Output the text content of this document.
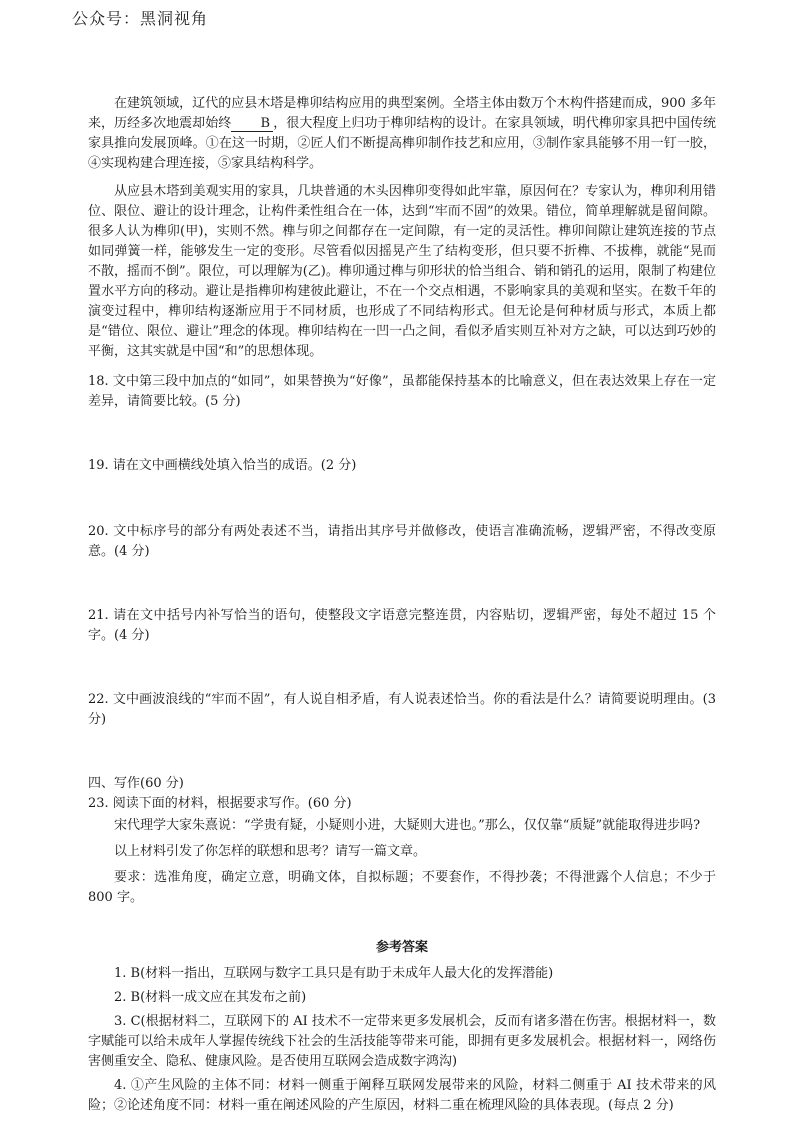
公众号：黑洞视角

在建筑领域，辽代的应县木塔是榫卯结构应用的典型案例。全塔主体由数万个木构件搭建而成，900 多年来，历经多次地震却始终 B ，很大程度上归功于榫卯结构的设计。在家具领域，明代榫卯家具把中国传统家具推向发展顶峰。①在这一时期，②匠人们不断提高榫卯制作技艺和应用，③制作家具能够不用一钉一胶，④实现构建合理连接，⑤家具结构科学。

从应县木塔到美观实用的家具，几块普通的木头因榫卯变得如此牢靠，原因何在？专家认为，榫卯利用错位、限位、避让的设计理念，让构件柔性组合在一体，达到“牢而不固”的效果。错位，简单理解就是留间隙。很多人认为榫卯(甲)，实则不然。榫与卯之间都存在一定间隙，有一定的灵活性。榫卯间隙让建筑连接的节点如同弹簧一样，能够发生一定的变形。尽管看似因摇晃产生了结构变形，但只要不折榫、不拔榫，就能“晃而不散，摇而不倒”。限位，可以理解为(乙)。榫卯通过榫与卯形状的恰当组合、销和销孔的运用，限制了构建位置水平方向的移动。避让是指榫卯构建彼此避让，不在一个交点相遇，不影响家具的美观和坚实。在数千年的演变过程中，榫卯结构逐渐应用于不同材质，也形成了不同结构形式。但无论是何种材质与形式，本质上都是“错位、限位、避让”理念的体现。榫卯结构在一凹一凸之间，看似矛盾实则互补对方之缺，可以达到巧妙的平衡，这其实就是中国“和”的思想体现。

18. 文中第三段中加点的“如同”，如果替换为“好像”，虽都能保持基本的比喻意义，但在表达效果上存在一定差异，请简要比较。(5 分)

19. 请在文中画横线处填入恰当的成语。(2 分)

20. 文中标序号的部分有两处表述不当，请指出其序号并做修改，使语言准确流畅，逻辑严密，不得改变原意。(4 分)

21. 请在文中括号内补写恰当的语句，使整段文字语意完整连贯，内容贴切，逻辑严密，每处不超过 15 个字。(4 分)

22. 文中画波浪线的“牢而不固”，有人说自相矛盾，有人说表述恰当。你的看法是什么？请简要说明理由。(3 分)

四、写作(60 分)

23. 阅读下面的材料，根据要求写作。(60 分)

宋代理学大家朱熹说：“学贵有疑，小疑则小进，大疑则大进也。”那么，仅仅靠“质疑”就能取得进步吗?

以上材料引发了你怎样的联想和思考？请写一篇文章。

要求：选准角度，确定立意，明确文体，自拟标题；不要套作，不得抄袭；不得泄露个人信息；不少于 800 字。

参考答案

1. B(材料一指出，互联网与数字工具只是有助于未成年人最大化的发挥潜能)

2. B(材料一成文应在其发布之前)

3. C(根据材料二，互联网下的 AI 技术不一定带来更多发展机会，反而有诸多潜在伤害。根据材料一，数字赋能可以给未成年人掌握传统线下社会的生活技能等带来可能，即拥有更多发展机会。根据材料一，网络伤害侧重安全、隐私、健康风险。是否使用互联网会造成数字鸿沟)

4. ①产生风险的主体不同：材料一侧重于阐释互联网发展带来的风险，材料二侧重于 AI 技术带来的风险；②论述角度不同：材料一重在阐述风险的产生原因，材料二重在梳理风险的具体表现。(每点 2 分)
